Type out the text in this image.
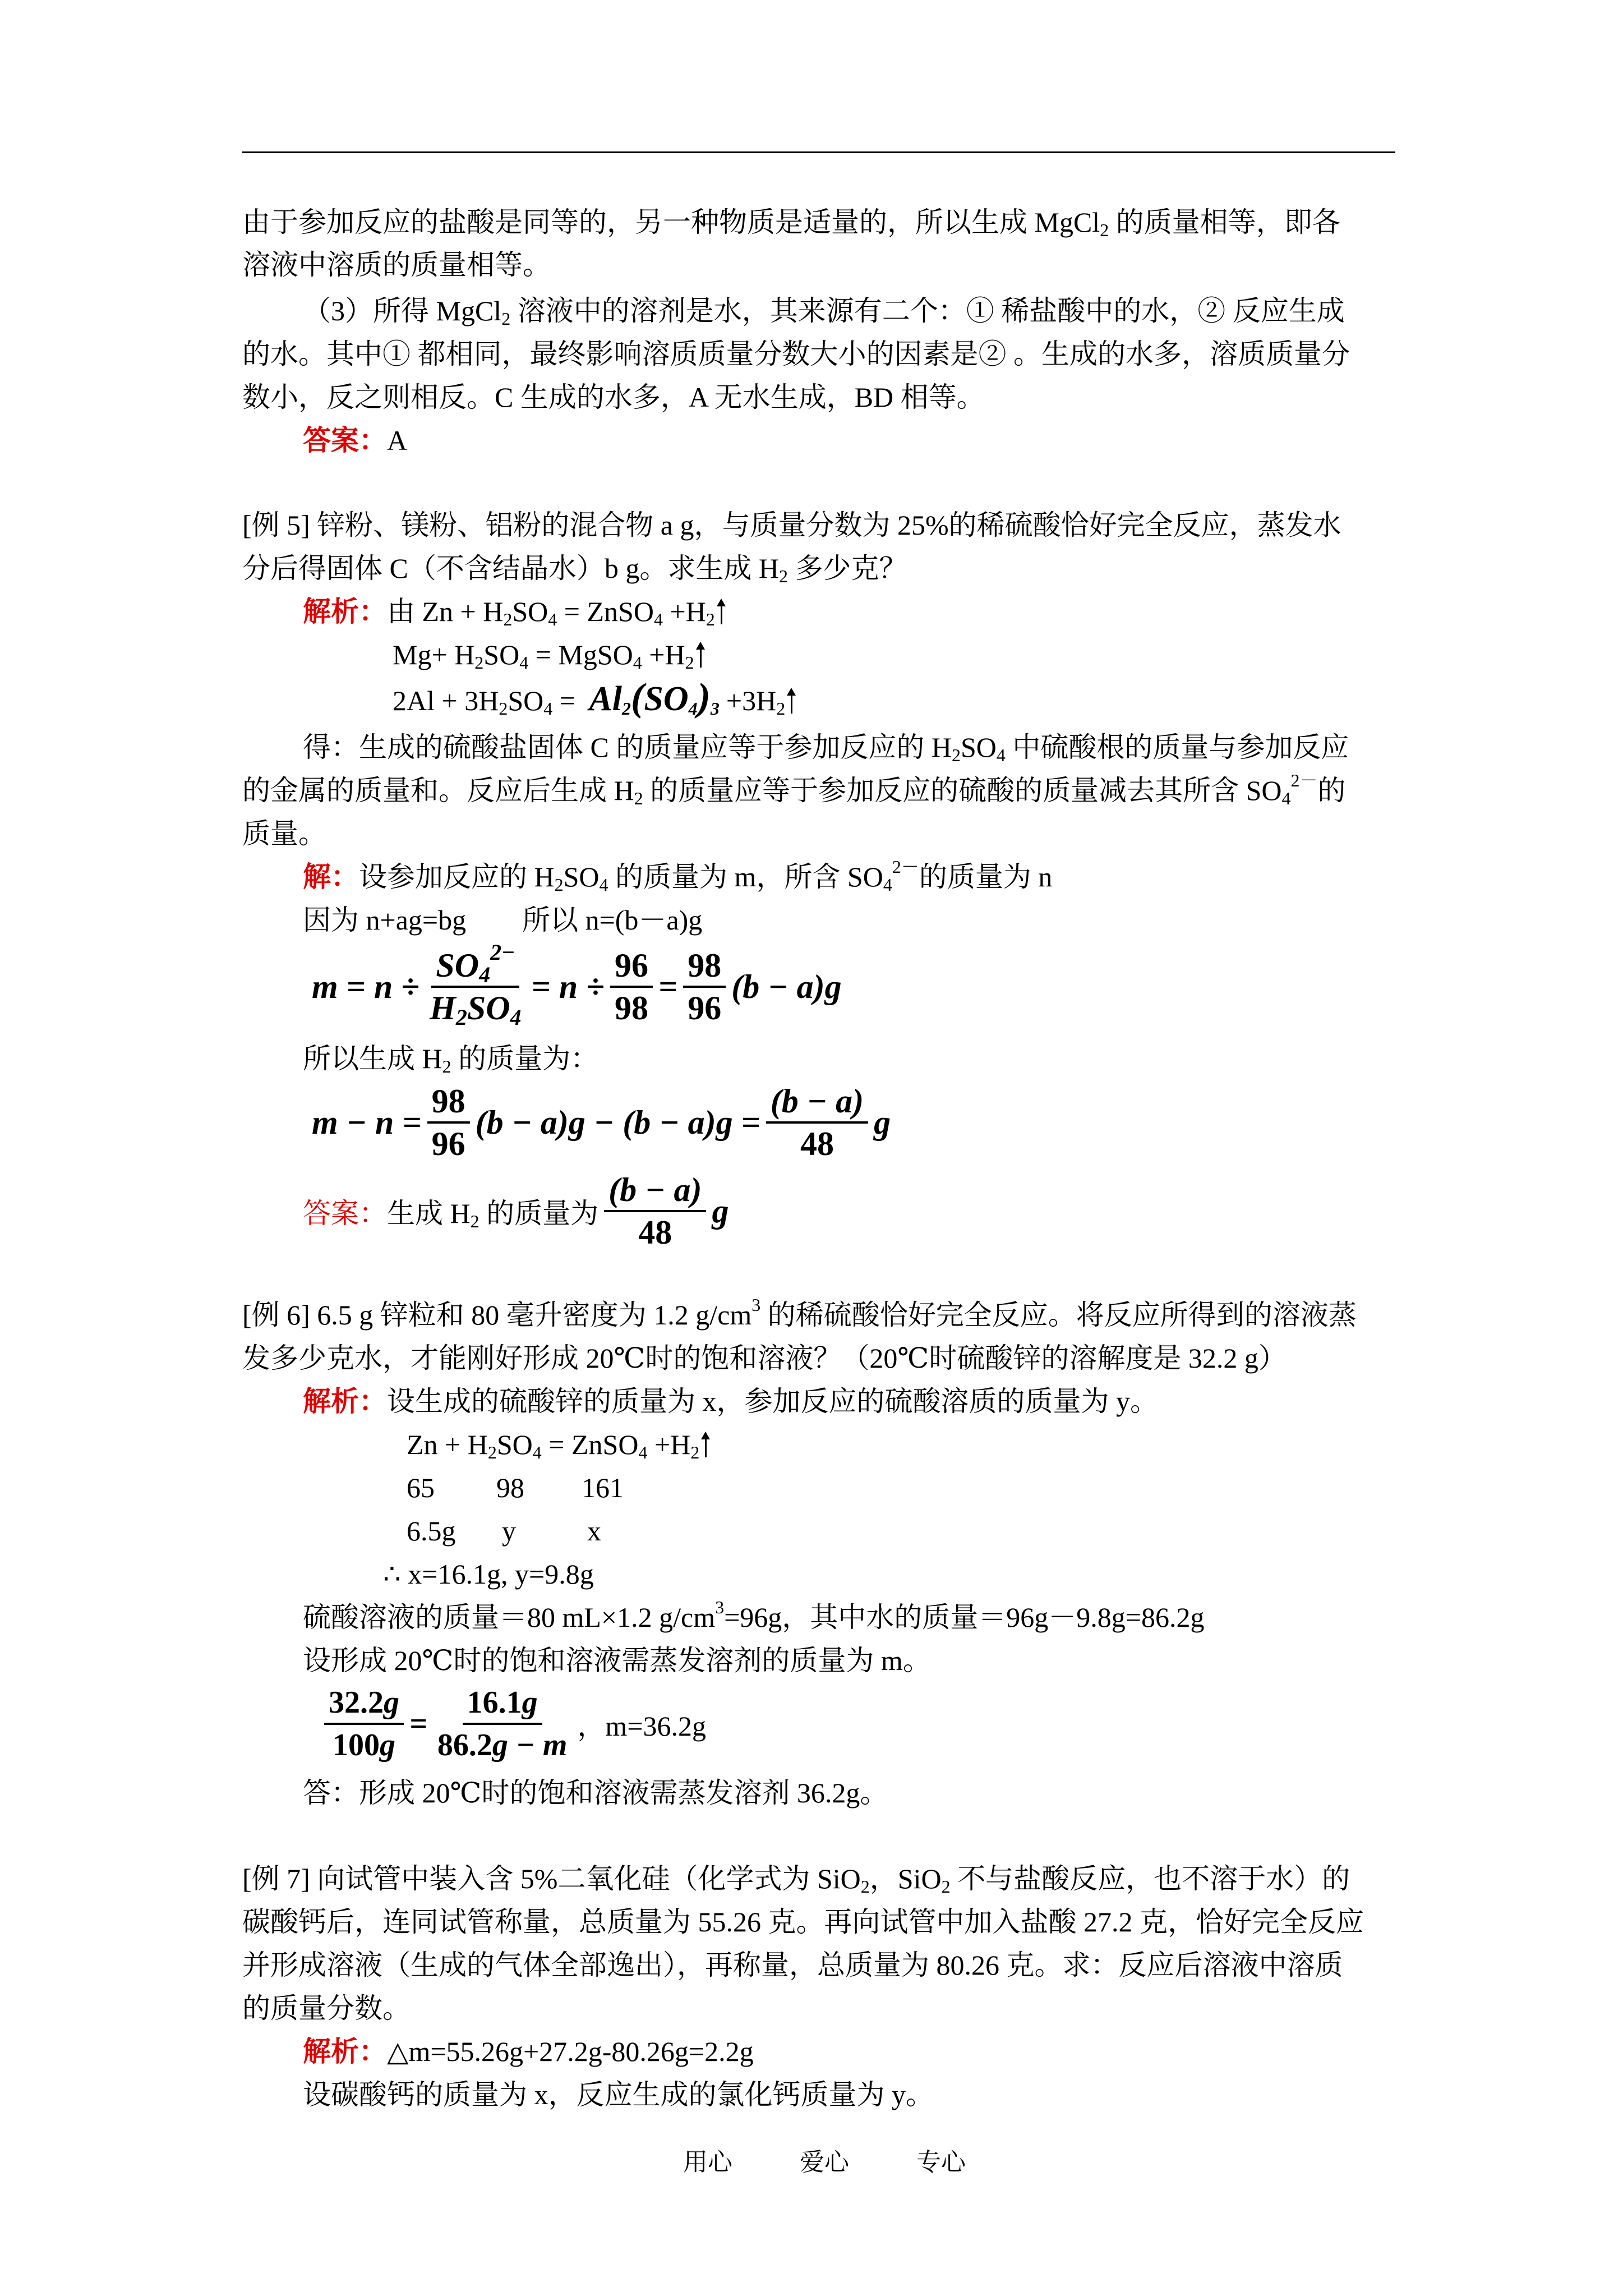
由于参加反应的盐酸是同等的，另一种物质是适量的，所以生成 MgCl$_2$ 的质量相等，即各
溶液中溶质的质量相等。
（3）所得 MgCl$_2$ 溶液中的溶剂是水，其来源有二个：① 稀盐酸中的水，② 反应生成
的水。其中① 都相同，最终影响溶质质量分数大小的因素是② 。生成的水多，溶质质量分
数小，反之则相反。C 生成的水多，A 无水生成，BD 相等。
答案：A
[例 5] 锌粉、镁粉、铝粉的混合物 a g，与质量分数为 25%的稀硫酸恰好完全反应，蒸发水
分后得固体 C（不含结晶水）b g。求生成 $H_2$ 多少克？
解析：由 $Zn + H_2SO_4$ = ZnSO$_4$ $+H_2$
$Mg+ H_2SO_4$ = MgSO$_4$ $+H_2$
$2Al + 3H_2SO_4 = Al_2(SO_4)_3 +3H_2$
得：生成的硫酸盐固体 C 的质量应等于参加反应的 $H_2SO_4$ 中硫酸根的质量与参加反应
的金属的质量和。反应后生成 $H_2$ 的质量应等于参加反应的硫酸的质量减去其所含 $SO_4^{2-}$的
质量。
解：设参加反应的 $H_2SO_4$ 的质量为 m，所含 $SO_4^{2-}$的质量为 n
因为 n+ag=bg　　所以 n=(b－a)g
$m = n \div \frac{SO_4^{2-}}{H_2SO_4} = n \div \frac{96}{98} = \frac{98}{96} (b - a)g$
所以生成 $H_2$ 的质量为：
$m - n = \frac{98}{96} (b - a)g - (b - a)g = \frac{(b - a)}{48}$ g
答案： 生成 $H_2$ 的质量为 $\frac{(b - a)}{48}$ g
[例 6] 6.5 g 锌粒和 80 毫升密度为 1.2 $g/cm^3$ 的稀硫酸恰好完全反应。将反应所得到的溶液蒸
发多少克水，才能刚好形成 20℃时的饱和溶液？（20℃时硫酸锌的溶解度是 32.2 g）
解析：设生成的硫酸锌的质量为 x，参加反应的硫酸溶质的质量为 y。
$Zn + H_2SO_4$ = ZnSO$_4$ $+H_2$
65 98 161
6.5g y	x
∴ x=16.1g, y=9.8g
硫酸溶液的质量＝80 mL×1.2 $g/cm^3=96g$，其中水的质量＝96g－9.8g=86.2g
设形成 20℃时的饱和溶液需蒸发溶剂的质量为 m。
$\frac{32.2g}{100g} = \frac{16.1g}{86.2g - m}$ ，m=36.2g
答：形成 20℃时的饱和溶液需蒸发溶剂 36.2g。
[例 7] 向试管中装入含 5%二氧化硅（化学式为 SiO$_2$，SiO$_2$ 不与盐酸反应，也不溶于水）的
碳酸钙后，连同试管称量，总质量为 55.26 克。再向试管中加入盐酸 27.2 克，恰好完全反应
并形成溶液（生成的气体全部逸出），再称量，总质量为 80.26 克。求：反应后溶液中溶质
的质量分数。
解析：△m=55.26g+27.2g-80.26g=2.2g
设碳酸钙的质量为 x，反应生成的氯化钙质量为 y。
用心	爱心	专心
